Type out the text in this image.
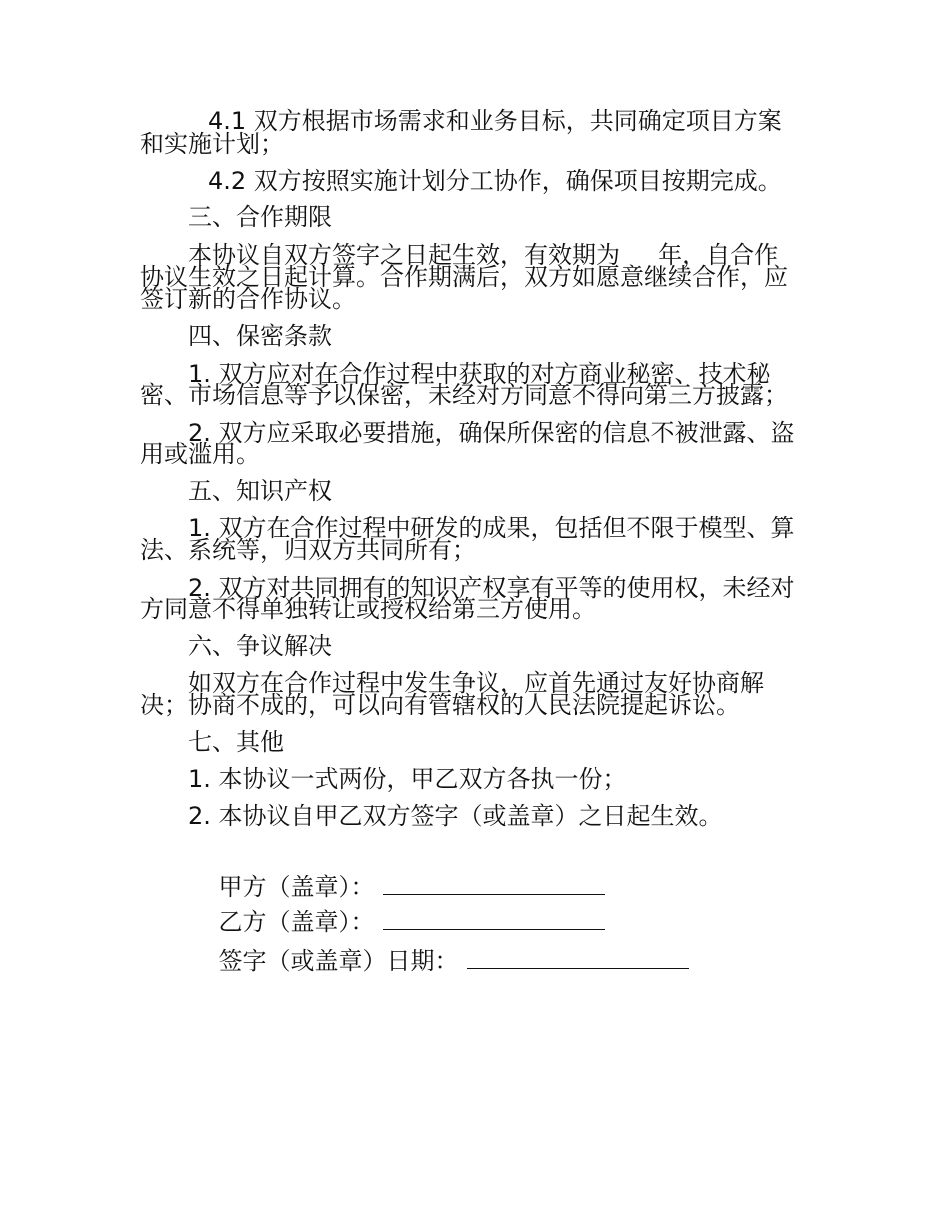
4.1 双方根据市场需求和业务目标，共同确定项目方案
和实施计划；
4.2 双方按照实施计划分工协作，确保项目按期完成。
三、合作期限
本协议自双方签字之日起生效，有效期为     年，自合作
协议生效之日起计算。合作期满后，双方如愿意继续合作，应
签订新的合作协议。
四、保密条款
1. 双方应对在合作过程中获取的对方商业秘密、技术秘
密、市场信息等予以保密，未经对方同意不得向第三方披露；
2. 双方应采取必要措施，确保所保密的信息不被泄露、盗
用或滥用。
五、知识产权
1. 双方在合作过程中研发的成果，包括但不限于模型、算
法、系统等，归双方共同所有；
2. 双方对共同拥有的知识产权享有平等的使用权，未经对
方同意不得单独转让或授权给第三方使用。
六、争议解决
如双方在合作过程中发生争议，应首先通过友好协商解
决；协商不成的，可以向有管辖权的人民法院提起诉讼。
七、其他
1. 本协议一式两份，甲乙双方各执一份；
2. 本协议自甲乙双方签字（或盖章）之日起生效。

甲方（盖章）：

乙方（盖章）：

签字（或盖章）日期：
